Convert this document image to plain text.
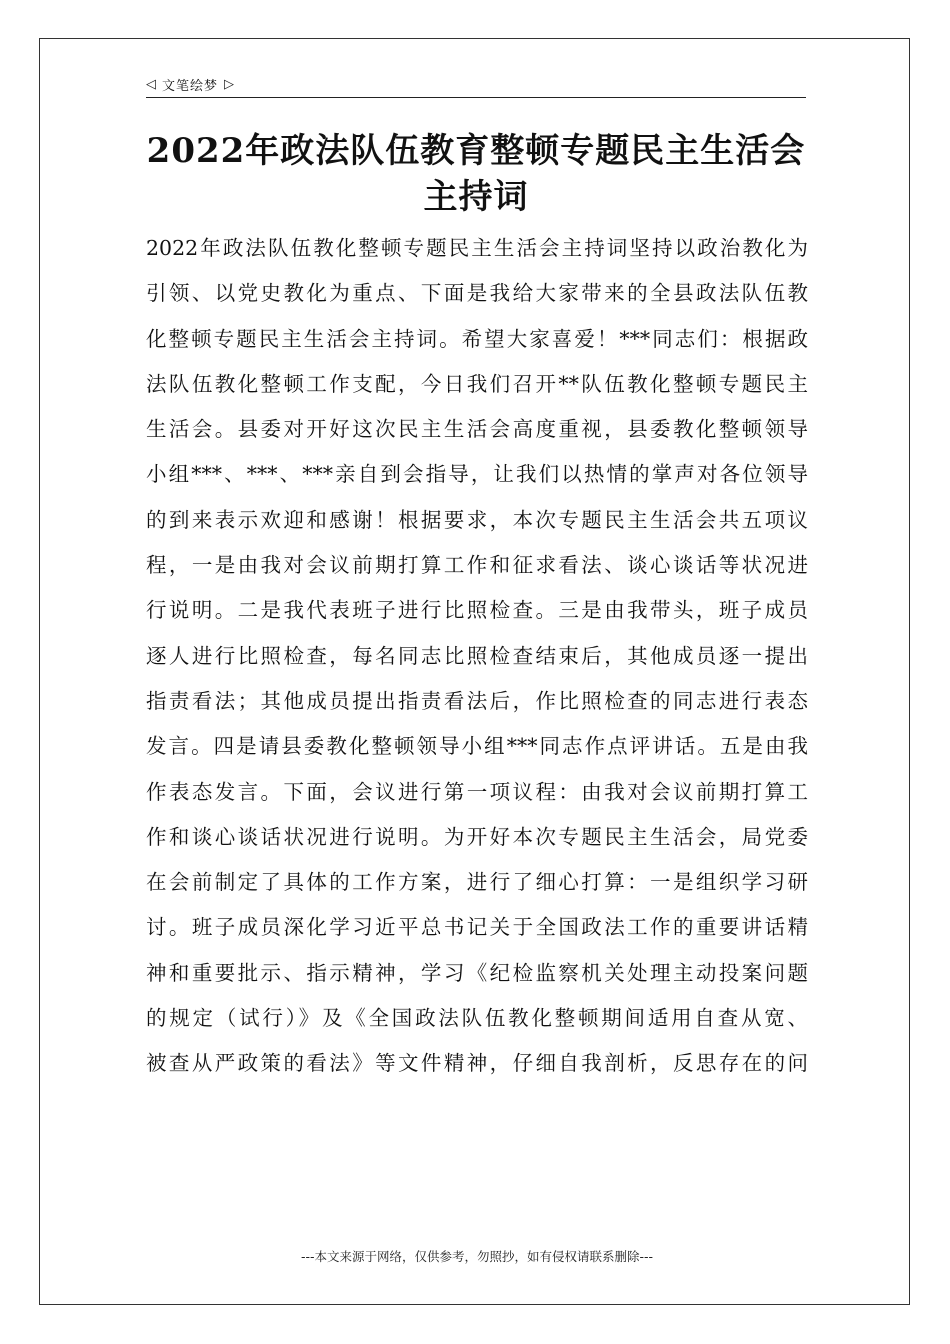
◁ 文笔绘梦 ▷
2022年政法队伍教育整顿专题民主生活会
主持词
2022年政法队伍教化整顿专题民主生活会主持词坚持以政治教化为
引领、以党史教化为重点、下面是我给大家带来的全县政法队伍教
化整顿专题民主生活会主持词。希望大家喜爱！***同志们：根据政
法队伍教化整顿工作支配，今日我们召开**队伍教化整顿专题民主
生活会。县委对开好这次民主生活会高度重视，县委教化整顿领导
小组***、***、***亲自到会指导，让我们以热情的掌声对各位领导
的到来表示欢迎和感谢！根据要求，本次专题民主生活会共五项议
程，一是由我对会议前期打算工作和征求看法、谈心谈话等状况进
行说明。二是我代表班子进行比照检查。三是由我带头，班子成员
逐人进行比照检查，每名同志比照检查结束后，其他成员逐一提出
指责看法；其他成员提出指责看法后，作比照检查的同志进行表态
发言。四是请县委教化整顿领导小组***同志作点评讲话。五是由我
作表态发言。下面，会议进行第一项议程：由我对会议前期打算工
作和谈心谈话状况进行说明。为开好本次专题民主生活会，局党委
在会前制定了具体的工作方案，进行了细心打算：一是组织学习研
讨。班子成员深化学习近平总书记关于全国政法工作的重要讲话精
神和重要批示、指示精神，学习《纪检监察机关处理主动投案问题
的规定（试行）》及《全国政法队伍教化整顿期间适用自查从宽、
被查从严政策的看法》等文件精神，仔细自我剖析，反思存在的问
---本文来源于网络，仅供参考，勿照抄，如有侵权请联系删除---
